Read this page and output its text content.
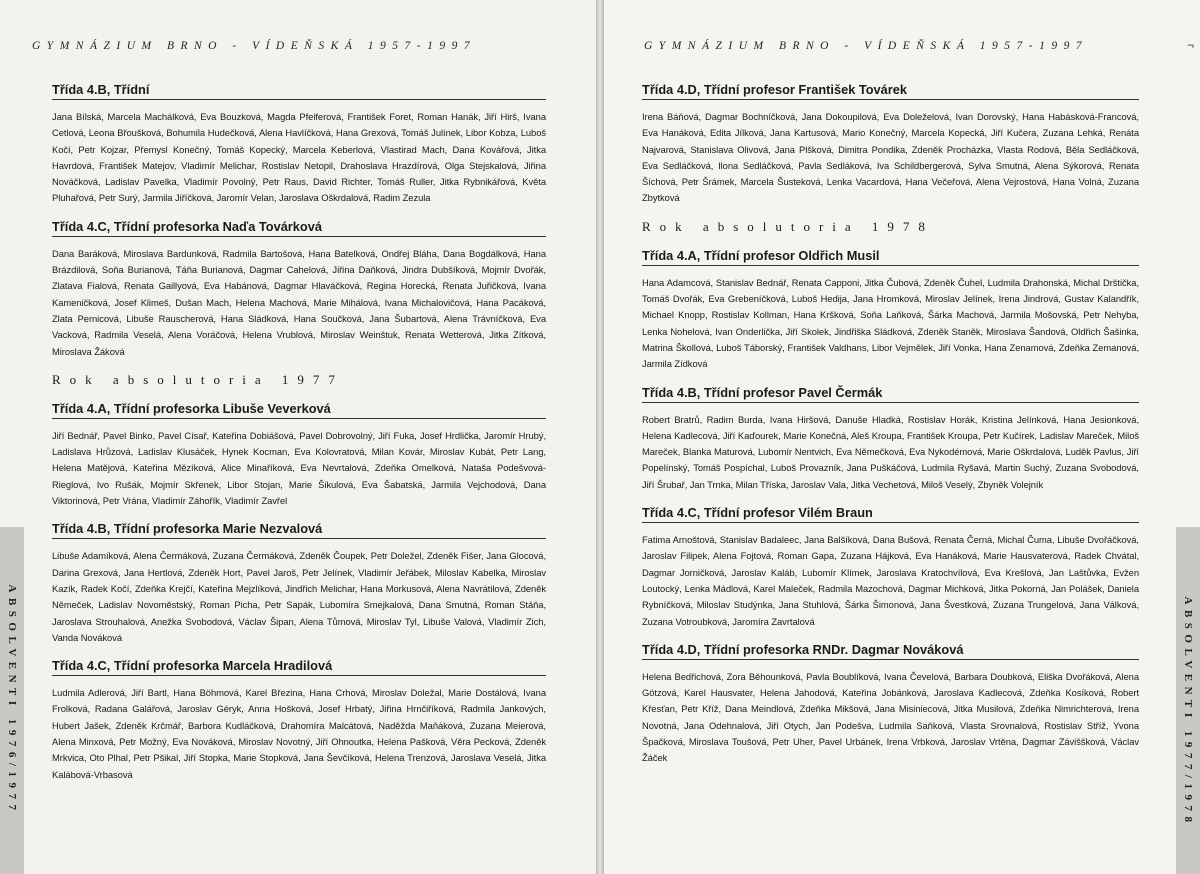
GYMNÁZIUM BRNO - VÍDEŇSKÁ 1957-1997
Třída 4.B, Třídní
Jana Bílská, Marcela Machálková, Eva Bouzková, Magda Pfeiferová, František Foret, Roman Hanák, Jiří Hirš, Ivana Cetlová, Leona Břoušková, Bohumila Hudečková, Alena Havlíčková, Hana Grexová, Tomáš Julínek, Libor Kobza, Luboš Kočí, Petr Kojzar, Přemysl Konečný, Tomáš Kopecký, Marcela Keberlová, Vlastirad Mach, Dana Kovářová, Jitka Havrdová, František Matejov, Vladimír Melichar, Rostislav Netopil, Drahoslava Hrazdírová, Olga Stejskalová, Jiřina Nováčková, Ladislav Pavelka, Vladimír Povolný, Petr Raus, David Richter, Tomáš Ruller, Jitka Rybnikářová, Květa Pluhařová, Petr Surý, Jarmila Jiříčková, Jaromír Velan, Jaroslava Oškrdalová, Radim Zezula
Třída 4.C, Třídní profesorka Naďa Továrková
Dana Baráková, Miroslava Bardunková, Radmila Bartošová, Hana Batelková, Ondřej Bláha, Dana Bogdálková, Hana Brázdilová, Soňa Burianová, Táňa Burianová, Dagmar Cahelová, Jiřina Daňková, Jindra Dubšíková, Mojmír Dvořák, Zlatava Fialová, Renata Gaillyová, Eva Habánová, Dagmar Hlaváčková, Regina Horecká, Renata Juřičková, Ivana Kameničková, Josef Klimeš, Dušan Mach, Helena Machová, Marie Mihálová, Ivana Michalovičová, Hana Pacáková, Zlata Pernicová, Libuše Rauscherová, Hana Sládková, Hana Součková, Jana Šubartová, Alena Trávníčková, Eva Vacková, Radmila Veselá, Alena Voráčová, Helena Vrublová, Miroslav Weinštuk, Renata Wetterová, Jitka Zítková, Miroslava Žáková
Rok absolutoria 1977
Třída 4.A, Třídní profesorka Libuše Veverková
Jiří Bednář, Pavel Binko, Pavel Císař, Kateřina Dobiášová, Pavel Dobrovolný, Jiří Fuka, Josef Hrdlička, Jaromír Hrubý, Ladislava Hrůzová, Ladislav Klusáček, Hynek Kocman, Eva Kolovratová, Milan Kovár, Miroslav Kubát, Petr Lang, Helena Matějová, Kateřina Mězíková, Alice Minaříková, Eva Nevrtalová, Zdeňka Omelková, Nataša Podešvová-Rieglová, Ivo Rušák, Mojmír Skřenek, Libor Stojan, Marie Šikulová, Eva Šabatská, Jarmila Vejchodová, Dana Viktorinová, Petr Vrána, Vladimír Záhořík, Vladimír Zavřel
Třída 4.B, Třídní profesorka Marie Nezvalová
Libuše Adamíková, Alena Čermáková, Zuzana Čermáková, Zdeněk Čoupek, Petr Doležel, Zdeněk Fišer, Jana Glocová, Darina Grexová, Jana Hertlová, Zdeněk Hort, Pavel Jaroš, Petr Jelínek, Vladimír Jeřábek, Miloslav Kabelka, Miroslav Kazík, Radek Kočí, Zdeňka Krejčí, Kateřina Mejzlíková, Jindřich Melichar, Hana Morkusová, Alena Navrátilová, Zdeněk Němeček, Ladislav Novoměstský, Roman Picha, Petr Sapák, Lubomíra Smejkalová, Dana Smutná, Roman Stáňa, Jaroslava Strouhalová, Anežka Svobodová, Václav Šipan, Alena Tůmová, Miroslav Tyl, Libuše Valová, Vladimír Zich, Vanda Nováková
Třída 4.C, Třídní profesorka Marcela Hradilová
Ludmila Adlerová, Jiří Bartl, Hana Böhmová, Karel Březina, Hana Crhová, Miroslav Doležal, Marie Dostálová, Ivana Frolková, Radana Galářová, Jaroslav Géryk, Anna Hošková, Josef Hrbatý, Jiřina Hrnčiříková, Radmila Jankových, Hubert Jašek, Zdeněk Krčmář, Barbora Kudláčková, Drahomíra Malcátová, Naděžda Maňáková, Zuzana Meierová, Alena Minxová, Petr Možný, Eva Nováková, Miroslav Novotný, Jiří Ohnoutka, Helena Pašková, Věra Pecková, Zdeněk Mrkvica, Oto Plhal, Petr Pšikal, Jiří Stopka, Marie Stopková, Jana Ševčíková, Helena Trenzová, Jaroslava Veselá, Jitka Kalábová-Vrbasová
ABSOLVENTI 1976/1977
GYMNÁZIUM BRNO - VÍDEŇSKÁ 1957-1997	¬
Třída 4.D, Třídní profesor František Továrek
Irena Báňová, Dagmar Bochníčková, Jana Dokoupilová, Eva Doleželová, Ivan Dorovský, Hana Habásková-Francová, Eva Hanáková, Edita Jílková, Jana Kartusová, Mario Konečný, Marcela Kopecká, Jiří Kučera, Zuzana Lehká, Renáta Najvarová, Stanislava Olivová, Jana Plšková, Dimitra Pondika, Zdeněk Procházka, Vlasta Rodová, Běla Sedláčková, Eva Sedláčková, Ilona Sedláčková, Pavla Sedláková, Iva Schildbergerová, Sylva Smutná, Alena Sýkorová, Renata Šíchová, Petr Šrámek, Marcela Šusteková, Lenka Vacardová, Hana Večeřová, Alena Vejrostová, Hana Volná, Zuzana Zbytková
Rok absolutoria 1978
Třída 4.A, Třídní profesor Oldřich Musil
Hana Adamcová, Stanislav Bednář, Renata Capponi, Jitka Čubová, Zdeněk Čuhel, Ludmila Drahonská, Michal Drštička, Tomáš Dvořák, Eva Grebeníčková, Luboš Hedija, Jana Hromková, Miroslav Jelínek, Irena Jindrová, Gustav Kalandřík, Michael Knopp, Rostislav Kollman, Hana Kršková, Soňa Laňková, Šárka Machová, Jarmila Mošovská, Petr Nehyba, Lenka Nohelová, Ivan Onderlička, Jiří Skolek, Jindřiška Sládková, Zdeněk Staněk, Miroslava Šandová, Oldřich Šašinka, Matrina Škollová, Luboš Táborský, František Valdhans, Libor Vejmělek, Jiří Vonka, Hana Zenamová, Zdeňka Zemanová, Jarmila Zídková
Třída 4.B, Třídní profesor Pavel Čermák
Robert Bratrů, Radim Burda, Ivana Hiršová, Danuše Hladká, Rostislav Horák, Kristina Jelínková, Hana Jesionková, Helena Kadlecová, Jiří Kaďourek, Marie Konečná, Aleš Kroupa, František Kroupa, Petr Kučírek, Ladislav Mareček, Miloš Mareček, Blanka Maturová, Lubomír Nentvich, Eva Němečková, Eva Nykodémová, Marie Oškrdalová, Luděk Pavlus, Jiří Popelínský, Tomáš Pospíchal, Luboš Provazník, Jana Puškáčová, Ludmila Ryšavá, Martin Suchý, Zuzana Svobodová, Jiří Šrubař, Jan Trnka, Milan Tříska, Jaroslav Vala, Jitka Vechetová, Miloš Veselý, Zbyněk Volejník
Třída 4.C, Třídní profesor Vilém Braun
Fatima Arnoštová, Stanislav Badaleec, Jana Balšíková, Dana Bušová, Renata Černá, Michal Čuma, Libuše Dvořáčková, Jaroslav Filipek, Alena Fojtová, Roman Gapa, Zuzana Hájková, Eva Hanáková, Marie Hausvaterová, Radek Chvátal, Dagmar Jorničková, Jaroslav Kaláb, Lubomír Klímek, Jaroslava Kratochvílová, Eva Krešlová, Jan Laštůvka, Evžen Loutocký, Lenka Mádlová, Karel Maleček, Radmila Mazochová, Dagmar Michková, Jitka Pokorná, Jan Polášek, Daniela Rybníčková, Miloslav Studýnka, Jana Stuhlová, Šárka Šimonová, Jana Švestková, Zuzana Trungelová, Jana Válková, Zuzana Votroubková, Jaromíra Zavrtalová
Třída 4.D, Třídní profesorka RNDr. Dagmar Nováková
Helena Bedřichová, Zora Běhounková, Pavla Boublíková, Ivana Čevelová, Barbara Doubková, Eliška Dvořáková, Alena Götzová, Karel Hausvater, Helena Jahodová, Kateřina Jobánková, Jaroslava Kadlecová, Zdeňka Kosíková, Robert Křesťan, Petr Kříž, Dana Meindlová, Zdeňka Mikšová, Jana Misiniecová, Jitka Musilová, Zdeňka Nimrichterová, Irena Novotná, Jana Odehnalová, Jiří Otych, Jan Podešva, Ludmila Saňková, Vlasta Srovnalová, Rostislav Stříž, Yvona Špačková, Miroslava Toušová, Petr Uher, Pavel Urbánek, Irena Vrbková, Jaroslav Vrtěna, Dagmar Záviššková, Václav Žáček	ABSOLVENTI 1977/1978
